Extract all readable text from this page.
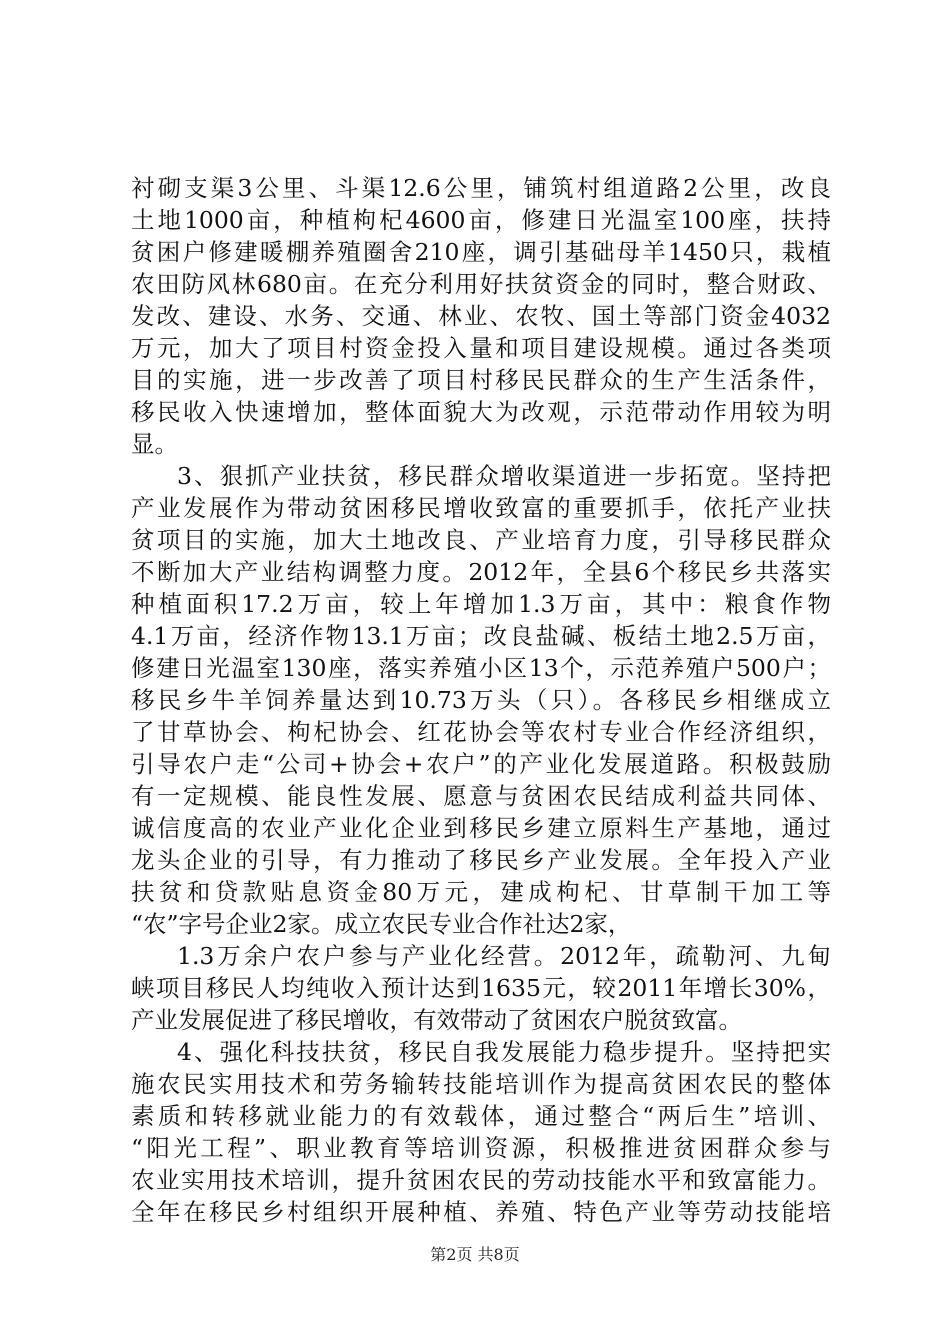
衬砌支渠3公里、斗渠12.6公里，铺筑村组道路2公里，改良
土地1000亩，种植枸杞4600亩，修建日光温室100座，扶持
贫困户修建暖棚养殖圈舍210座，调引基础母羊1450只，栽植
农田防风林680亩。在充分利用好扶贫资金的同时，整合财政、
发改、建设、水务、交通、林业、农牧、国土等部门资金4032
万元，加大了项目村资金投入量和项目建设规模。通过各类项
目的实施，进一步改善了项目村移民民群众的生产生活条件，
移民收入快速增加，整体面貌大为改观，示范带动作用较为明
显。
3、狠抓产业扶贫，移民群众增收渠道进一步拓宽。坚持把
产业发展作为带动贫困移民增收致富的重要抓手，依托产业扶
贫项目的实施，加大土地改良、产业培育力度，引导移民群众
不断加大产业结构调整力度。2012年，全县6个移民乡共落实
种植面积17.2万亩，较上年增加1.3万亩，其中：粮食作物
4.1万亩，经济作物13.1万亩；改良盐碱、板结土地2.5万亩，
修建日光温室130座，落实养殖小区13个，示范养殖户500户；
移民乡牛羊饲养量达到10.73万头（只）。各移民乡相继成立
了甘草协会、枸杞协会、红花协会等农村专业合作经济组织，
引导农户走“公司+协会+农户”的产业化发展道路。积极鼓励
有一定规模、能良性发展、愿意与贫困农民结成利益共同体、
诚信度高的农业产业化企业到移民乡建立原料生产基地，通过
龙头企业的引导，有力推动了移民乡产业发展。全年投入产业
扶贫和贷款贴息资金80万元，建成枸杞、甘草制干加工等
“农”字号企业2家。成立农民专业合作社达2家，
1.3万余户农户参与产业化经营。2012年，疏勒河、九甸
峡项目移民人均纯收入预计达到1635元，较2011年增长30%，
产业发展促进了移民增收，有效带动了贫困农户脱贫致富。
4、强化科技扶贫，移民自我发展能力稳步提升。坚持把实
施农民实用技术和劳务输转技能培训作为提高贫困农民的整体
素质和转移就业能力的有效载体，通过整合“两后生”培训、
“阳光工程”、职业教育等培训资源，积极推进贫困群众参与
农业实用技术培训，提升贫困农民的劳动技能水平和致富能力。
全年在移民乡村组织开展种植、养殖、特色产业等劳动技能培
第2页 共8页
